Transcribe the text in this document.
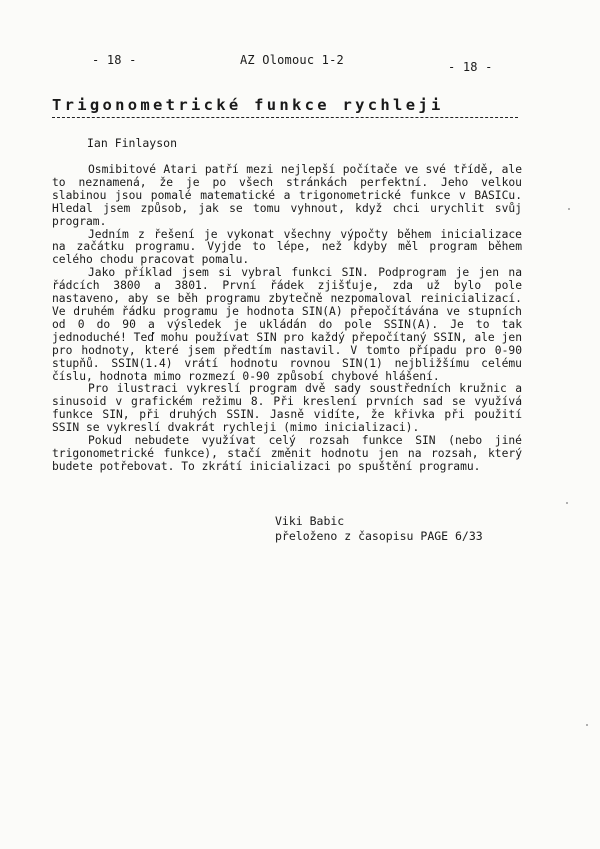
- 18 -	AZ Olomouc 1-2	- 18 -
Trigonometrické funkce rychleji
Ian Finlayson

Osmibitové Atari patří mezi nejlepší počítače ve své třídě, ale to neznamená, že je po všech stránkách perfektní. Jeho velkou slabinou jsou pomalé matematické a trigonometrické funkce v BASICu. Hledal jsem způsob, jak se tomu vyhnout, když chci urychlit svůj program.

Jedním z řešení je vykonat všechny výpočty během inicializace na začátku programu. Vyjde to lépe, než kdyby měl program během celého chodu pracovat pomalu.

Jako příklad jsem si vybral funkci SIN. Podprogram je jen na řádcích 3800 a 3801. První řádek zjišťuje, zda už bylo pole nastaveno, aby se běh programu zbytečně nezpomaloval reinicializací. Ve druhém řádku programu je hodnota SIN(A) přepočítávána ve stupních od 0 do 90 a výsledek je ukládán do pole SSIN(A). Je to tak jednoduché! Teď mohu používat SIN pro každý přepočítaný SSIN, ale jen pro hodnoty, které jsem předtím nastavil. V tomto případu pro 0-90 stupňů. SSIN(1.4) vrátí hodnotu rovnou SIN(1) nejbližšímu celému číslu, hodnota mimo rozmezí 0-90 způsobí chybové hlášení.

Pro ilustraci vykreslí program dvě sady soustředních kružnic a sinusoid v grafickém režimu 8. Při kreslení prvních sad se využívá funkce SIN, při druhých SSIN. Jasně vidíte, že křivka při použití SSIN se vykreslí dvakrát rychleji (mimo inicializaci).

Pokud nebudete využívat celý rozsah funkce SIN (nebo jiné trigonometrické funkce), stačí změnit hodnotu jen na rozsah, který budete potřebovat. To zkrátí inicializaci po spuštění programu.

Viki Babic
přeloženo z časopisu PAGE 6/33
